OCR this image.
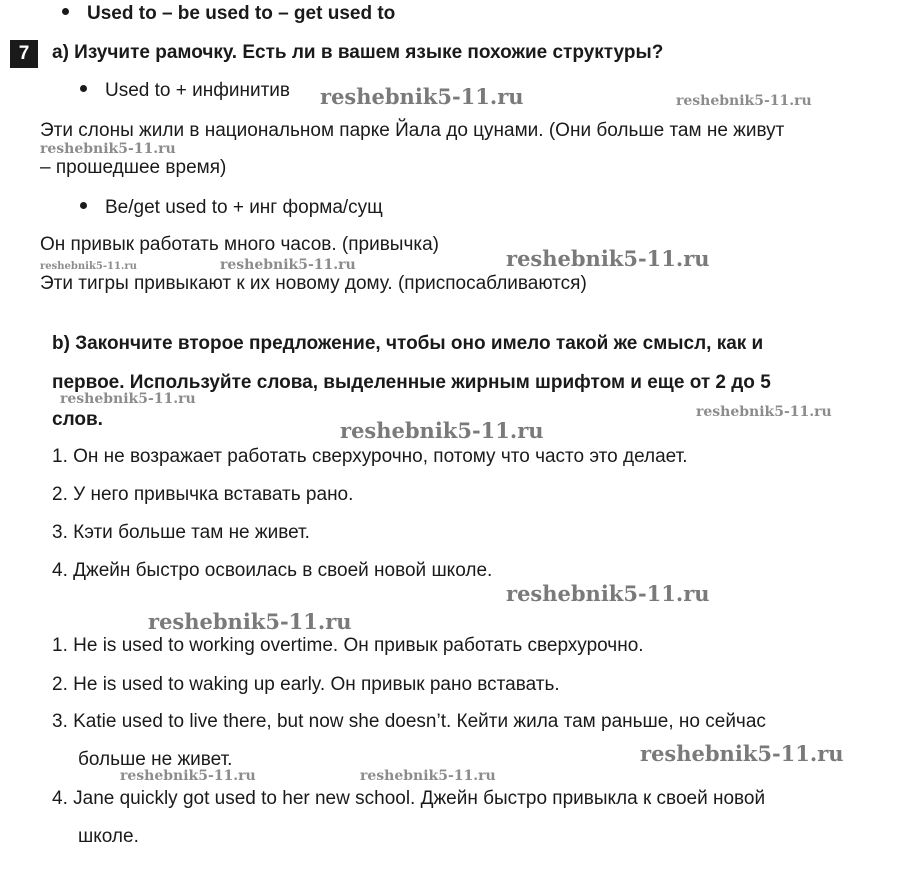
Used to – be used to – get used to
7	a) Изучите рамочку. Есть ли в вашем языке похожие структуры?
Used to + инфинитив
Эти слоны жили в национальном парке Йала до цунами. (Они больше там не живут
– прошедшее время)
Be/get used to + инг форма/сущ
Он привык работать много часов. (привычка)
Эти тигры привыкают к их новому дому. (приспосабливаются)
b) Закончите второе предложение, чтобы оно имело такой же смысл, как и
первое. Используйте слова, выделенные жирным шрифтом и еще от 2 до 5
слов.
1. Он не возражает работать сверхурочно, потому что часто это делает.
2. У него привычка вставать рано.
3. Кэти больше там не живет.
4. Джейн быстро освоилась в своей новой школе.
1. He is used to working overtime. Он привык работать сверхурочно.
2. He is used to waking up early. Он привык рано вставать.
3. Katie used to live there, but now she doesn’t. Кейти жила там раньше, но сейчас
больше не живет.
4. Jane quickly got used to her new school. Джейн быстро привыкла к своей новой
школе.
reshebnik5-11.ru	reshebnik5-11.ru
reshebnik5-11.ru
reshebnik5-11.ru
reshebnik5-11.ru	reshebnik5-11.ru
reshebnik5-11.ru
reshebnik5-11.ru
reshebnik5-11.ru
reshebnik5-11.ru
reshebnik5-11.ru
reshebnik5-11.ru
reshebnik5-11.ru	reshebnik5-11.ru
